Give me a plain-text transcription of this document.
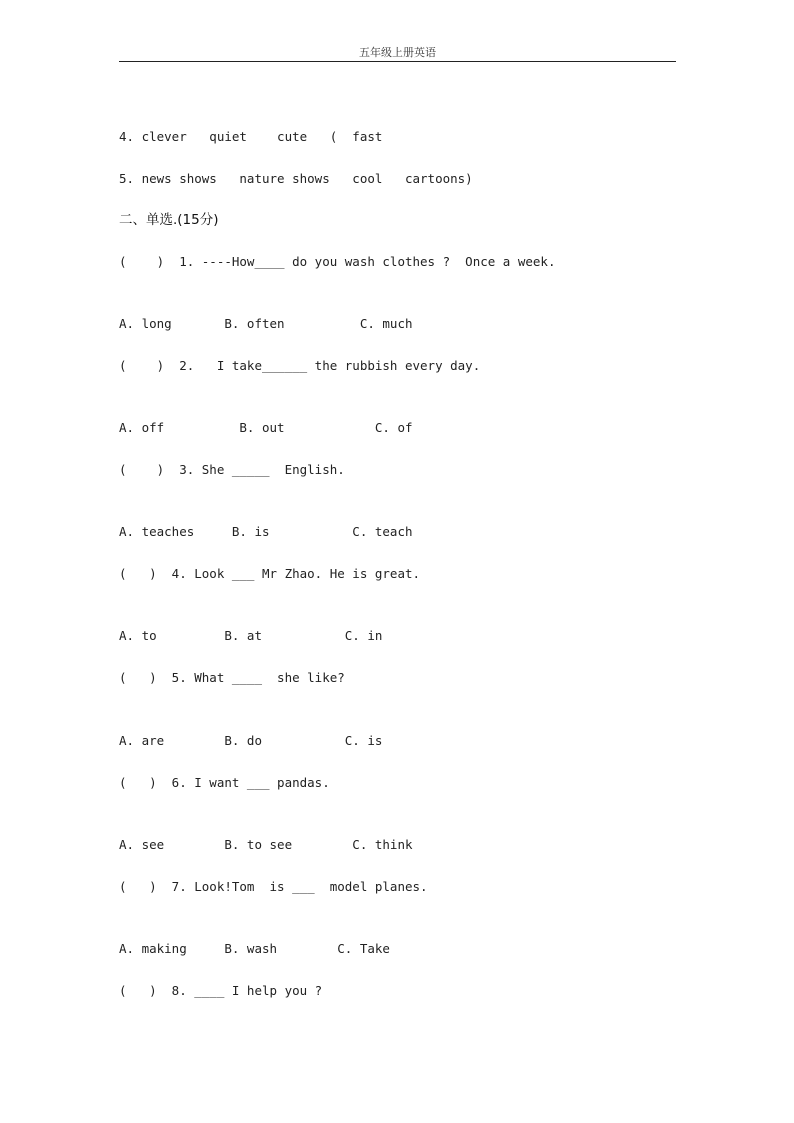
五年级上册英语
4. clever   quiet    cute   (  fast
5. news shows   nature shows   cool   cartoons)
二、单选.(15分)
(    )  1. ----How____ do you wash clothes ?  Once a week.
A. long       B. often          C. much
(    )  2.   I take______ the rubbish every day.
A. off          B. out            C. of
(    )  3. She _____  English.
A. teaches     B. is           C. teach
(   )  4. Look ___ Mr Zhao. He is great.
A. to         B. at           C. in
(   )  5. What ____  she like?
A. are        B. do           C. is
(   )  6. I want ___ pandas.
A. see        B. to see        C. think
(   )  7. Look!Tom  is ___  model planes.
A. making     B. wash        C. Take
(   )  8. ____ I help you ?
